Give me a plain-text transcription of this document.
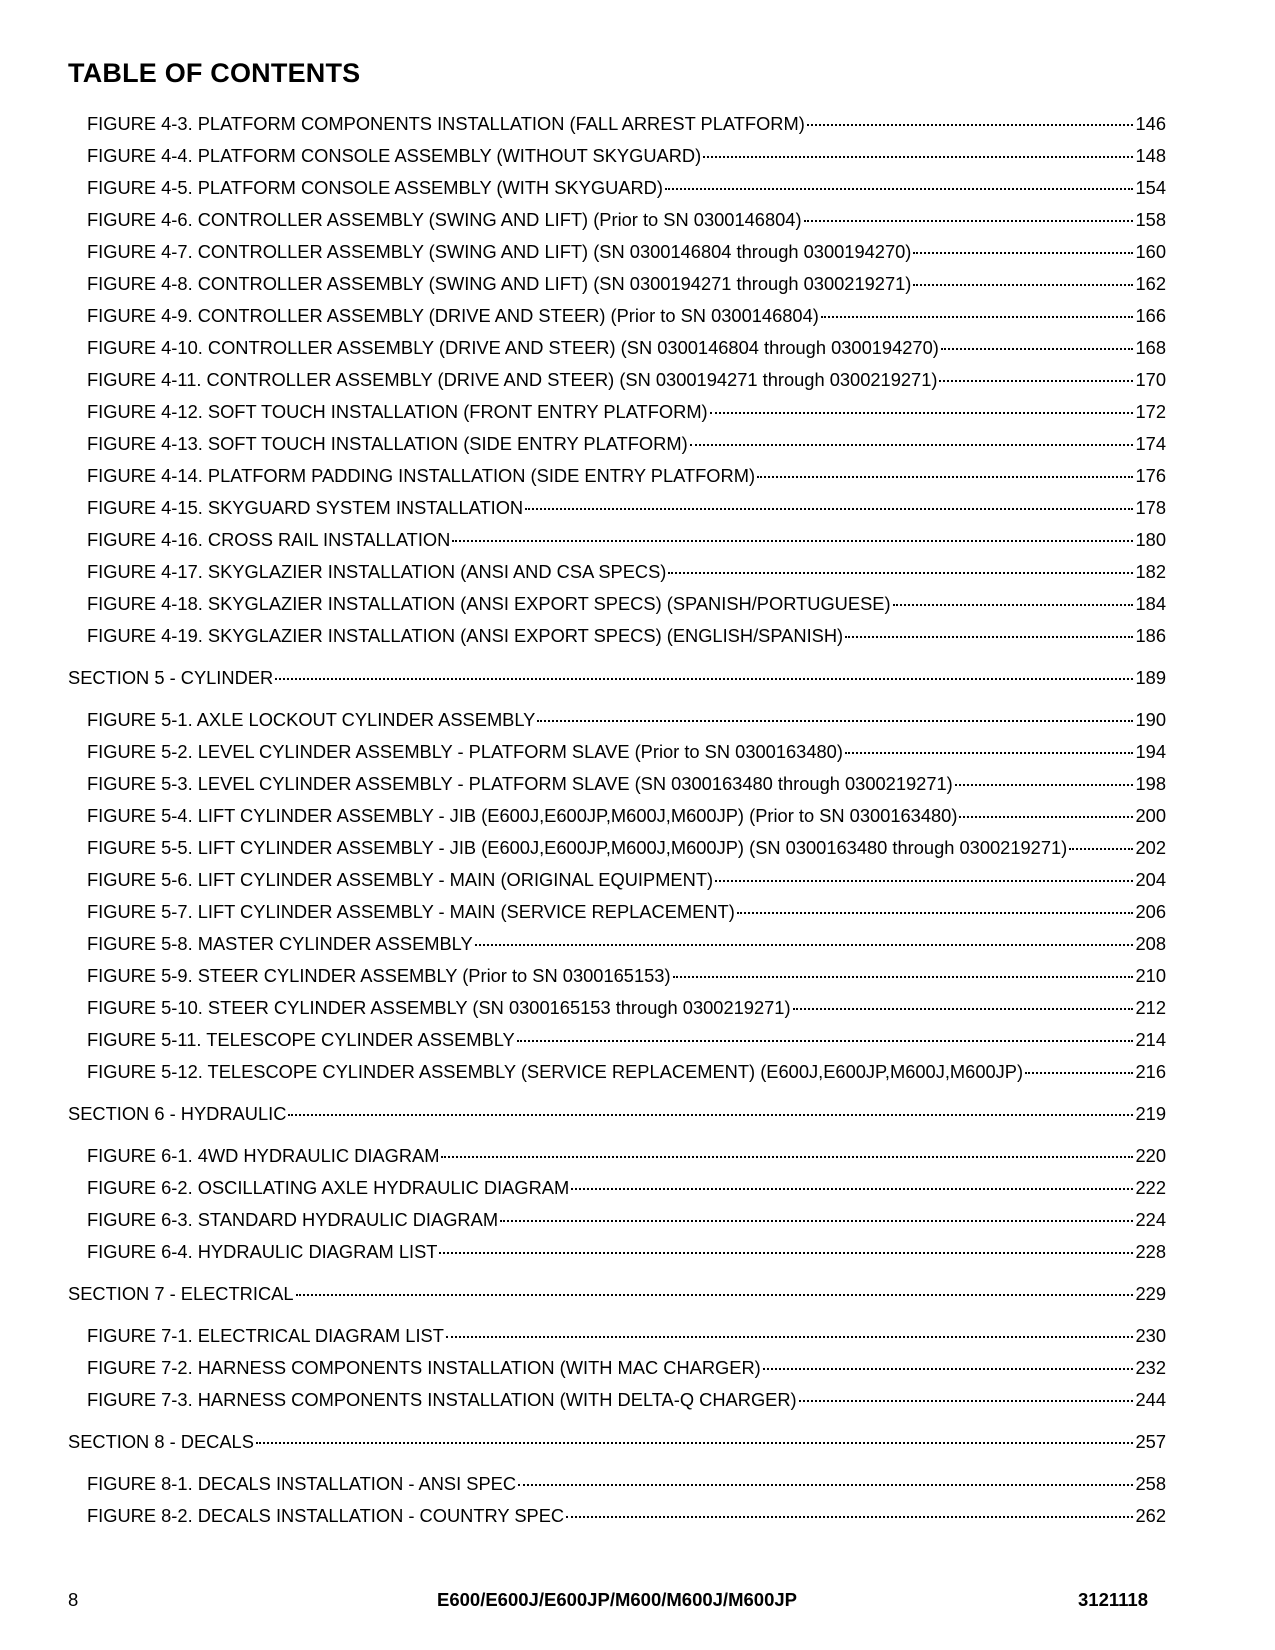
TABLE OF CONTENTS
FIGURE 4-3. PLATFORM COMPONENTS INSTALLATION (FALL ARREST PLATFORM)	146
FIGURE 4-4. PLATFORM CONSOLE ASSEMBLY (WITHOUT SKYGUARD)	148
FIGURE 4-5. PLATFORM CONSOLE ASSEMBLY (WITH SKYGUARD)	154
FIGURE 4-6. CONTROLLER ASSEMBLY (SWING AND LIFT) (Prior to SN 0300146804)	158
FIGURE 4-7. CONTROLLER ASSEMBLY (SWING AND LIFT) (SN 0300146804 through 0300194270)	160
FIGURE 4-8. CONTROLLER ASSEMBLY (SWING AND LIFT) (SN 0300194271 through 0300219271)	162
FIGURE 4-9. CONTROLLER ASSEMBLY (DRIVE AND STEER) (Prior to SN 0300146804)	166
FIGURE 4-10. CONTROLLER ASSEMBLY (DRIVE AND STEER) (SN 0300146804 through 0300194270)	168
FIGURE 4-11. CONTROLLER ASSEMBLY (DRIVE AND STEER) (SN 0300194271 through 0300219271)	170
FIGURE 4-12. SOFT TOUCH INSTALLATION (FRONT ENTRY PLATFORM)	172
FIGURE 4-13. SOFT TOUCH INSTALLATION (SIDE ENTRY PLATFORM)	174
FIGURE 4-14. PLATFORM PADDING INSTALLATION (SIDE ENTRY PLATFORM)	176
FIGURE 4-15. SKYGUARD SYSTEM INSTALLATION	178
FIGURE 4-16. CROSS RAIL INSTALLATION	180
FIGURE 4-17. SKYGLAZIER INSTALLATION (ANSI AND CSA SPECS)	182
FIGURE 4-18. SKYGLAZIER INSTALLATION (ANSI EXPORT SPECS) (SPANISH/PORTUGUESE)	184
FIGURE 4-19. SKYGLAZIER INSTALLATION (ANSI EXPORT SPECS) (ENGLISH/SPANISH)	186
SECTION 5 - CYLINDER	189
FIGURE 5-1. AXLE LOCKOUT CYLINDER ASSEMBLY	190
FIGURE 5-2. LEVEL CYLINDER ASSEMBLY - PLATFORM SLAVE (Prior to SN 0300163480)	194
FIGURE 5-3. LEVEL CYLINDER ASSEMBLY - PLATFORM SLAVE (SN 0300163480 through 0300219271)	198
FIGURE 5-4. LIFT CYLINDER ASSEMBLY - JIB (E600J,E600JP,M600J,M600JP) (Prior to SN 0300163480)	200
FIGURE 5-5. LIFT CYLINDER ASSEMBLY - JIB (E600J,E600JP,M600J,M600JP) (SN 0300163480 through 0300219271)	202
FIGURE 5-6. LIFT CYLINDER ASSEMBLY - MAIN (ORIGINAL EQUIPMENT)	204
FIGURE 5-7. LIFT CYLINDER ASSEMBLY - MAIN (SERVICE REPLACEMENT)	206
FIGURE 5-8. MASTER CYLINDER ASSEMBLY	208
FIGURE 5-9. STEER CYLINDER ASSEMBLY (Prior to SN 0300165153)	210
FIGURE 5-10. STEER CYLINDER ASSEMBLY (SN 0300165153 through 0300219271)	212
FIGURE 5-11. TELESCOPE CYLINDER ASSEMBLY	214
FIGURE 5-12. TELESCOPE CYLINDER ASSEMBLY (SERVICE REPLACEMENT) (E600J,E600JP,M600J,M600JP)	216
SECTION 6 - HYDRAULIC	219
FIGURE 6-1. 4WD HYDRAULIC DIAGRAM	220
FIGURE 6-2. OSCILLATING AXLE HYDRAULIC DIAGRAM	222
FIGURE 6-3. STANDARD HYDRAULIC DIAGRAM	224
FIGURE 6-4. HYDRAULIC DIAGRAM LIST	228
SECTION 7 - ELECTRICAL	229
FIGURE 7-1. ELECTRICAL DIAGRAM LIST	230
FIGURE 7-2. HARNESS COMPONENTS INSTALLATION (WITH MAC CHARGER)	232
FIGURE 7-3. HARNESS COMPONENTS INSTALLATION (WITH DELTA-Q CHARGER)	244
SECTION 8 - DECALS	257
FIGURE 8-1. DECALS INSTALLATION - ANSI SPEC	258
FIGURE 8-2. DECALS INSTALLATION - COUNTRY SPEC	262
8	E600/E600J/E600JP/M600/M600J/M600JP	3121118
